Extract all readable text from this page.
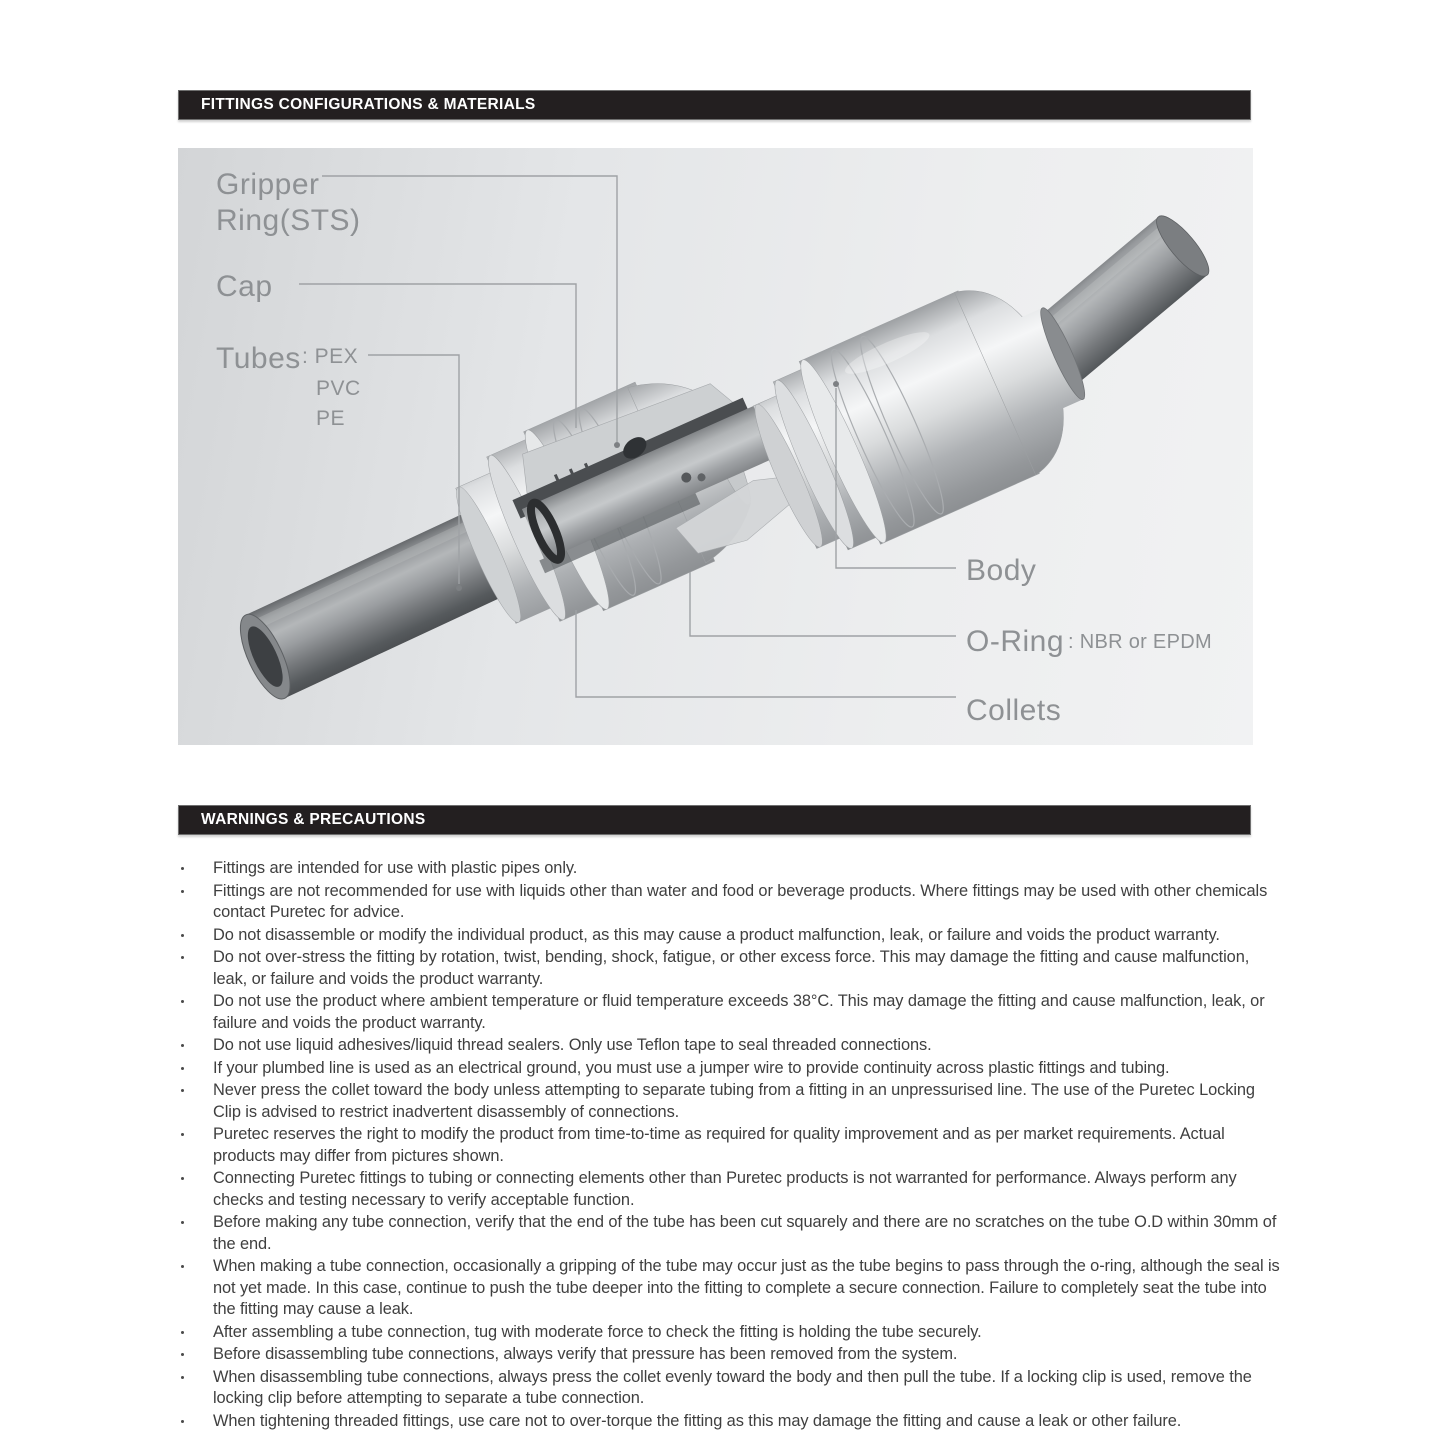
FITTINGS CONFIGURATIONS & MATERIALS
Gripper
Ring(STS)
Cap
Tubes : PEX
PVC
PE
Body
O-Ring : NBR or EPDM
Collets
WARNINGS & PRECAUTIONS
Fittings are intended for use with plastic pipes only.
Fittings are not recommended for use with liquids other than water and food or beverage products. Where fittings may be used with other chemicals contact Puretec for advice.
Do not disassemble or modify the individual product, as this may cause a product malfunction, leak, or failure and voids the product warranty.
Do not over-stress the fitting by rotation, twist, bending, shock, fatigue, or other excess force. This may damage the fitting and cause malfunction, leak, or failure and voids the product warranty.
Do not use the product where ambient temperature or fluid temperature exceeds 38°C. This may damage the fitting and cause malfunction, leak, or failure and voids the product warranty.
Do not use liquid adhesives/liquid thread sealers. Only use Teflon tape to seal threaded connections.
If your plumbed line is used as an electrical ground, you must use a jumper wire to provide continuity across plastic fittings and tubing.
Never press the collet toward the body unless attempting to separate tubing from a fitting in an unpressurised line. The use of the Puretec Locking Clip is advised to restrict inadvertent disassembly of connections.
Puretec reserves the right to modify the product from time-to-time as required for quality improvement and as per market requirements. Actual products may differ from pictures shown.
Connecting Puretec fittings to tubing or connecting elements other than Puretec products is not warranted for performance. Always perform any checks and testing necessary to verify acceptable function.
Before making any tube connection, verify that the end of the tube has been cut squarely and there are no scratches on the tube O.D within 30mm of the end.
When making a tube connection, occasionally a gripping of the tube may occur just as the tube begins to pass through the o-ring, although the seal is not yet made. In this case, continue to push the tube deeper into the fitting to complete a secure connection. Failure to completely seat the tube into the fitting may cause a leak.
After assembling a tube connection, tug with moderate force to check the fitting is holding the tube securely.
Before disassembling tube connections, always verify that pressure has been removed from the system.
When disassembling tube connections, always press the collet evenly toward the body and then pull the tube. If a locking clip is used, remove the locking clip before attempting to separate a tube connection.
When tightening threaded fittings, use care not to over-torque the fitting as this may damage the fitting and cause a leak or other failure.
